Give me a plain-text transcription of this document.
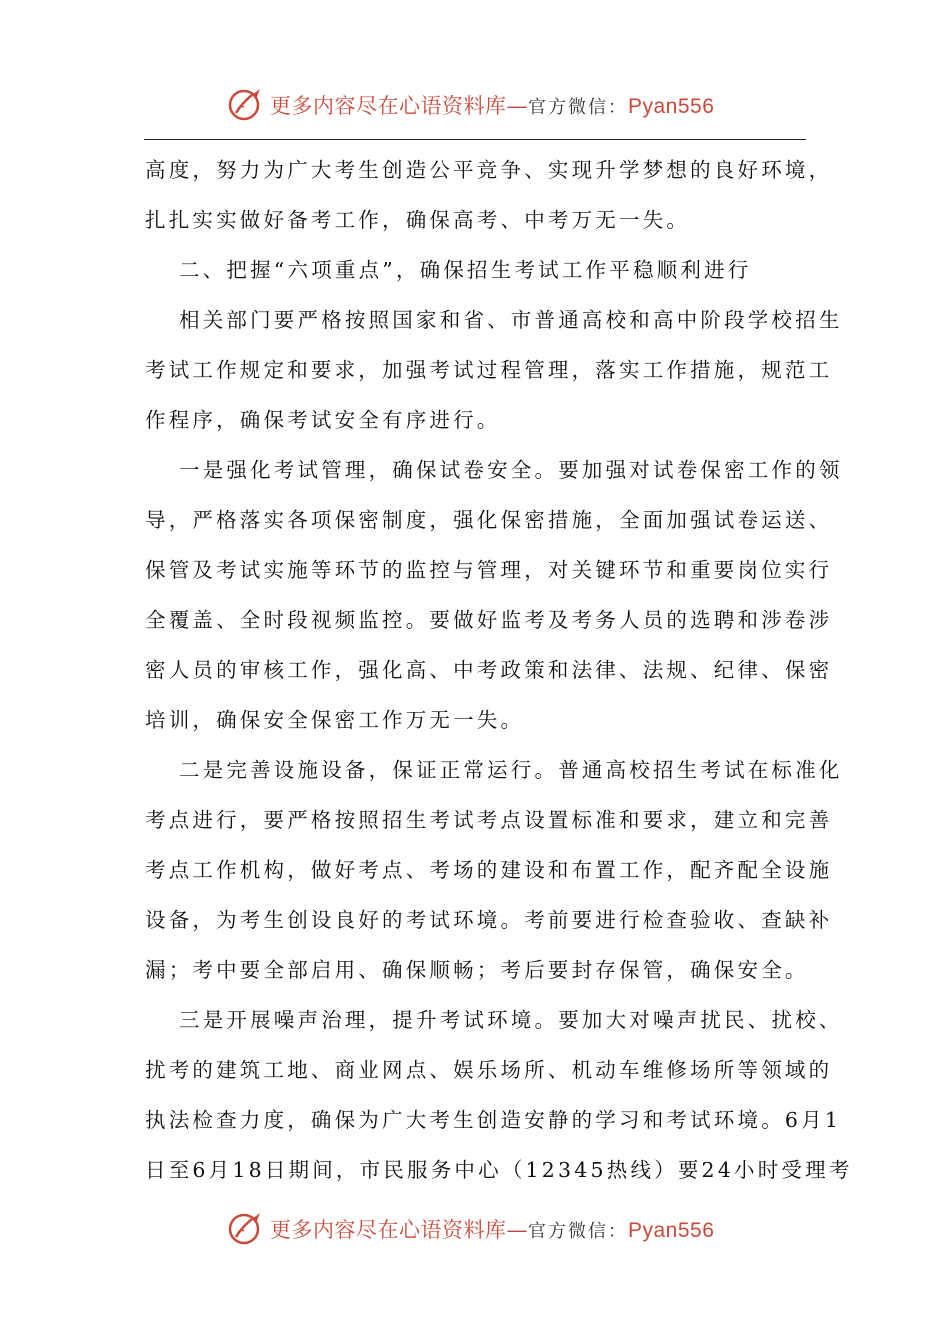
更多内容尽在心语资料库—官方微信：Pyan556
高度，努力为广大考生创造公平竞争、实现升学梦想的良好环境，
扎扎实实做好备考工作，确保高考、中考万无一失。
二、把握“六项重点”，确保招生考试工作平稳顺利进行
相关部门要严格按照国家和省、市普通高校和高中阶段学校招生
考试工作规定和要求，加强考试过程管理，落实工作措施，规范工
作程序，确保考试安全有序进行。
一是强化考试管理，确保试卷安全。要加强对试卷保密工作的领
导，严格落实各项保密制度，强化保密措施，全面加强试卷运送、
保管及考试实施等环节的监控与管理，对关键环节和重要岗位实行
全覆盖、全时段视频监控。要做好监考及考务人员的选聘和涉卷涉
密人员的审核工作，强化高、中考政策和法律、法规、纪律、保密
培训，确保安全保密工作万无一失。
二是完善设施设备，保证正常运行。普通高校招生考试在标准化
考点进行，要严格按照招生考试考点设置标准和要求，建立和完善
考点工作机构，做好考点、考场的建设和布置工作，配齐配全设施
设备，为考生创设良好的考试环境。考前要进行检查验收、查缺补
漏；考中要全部启用、确保顺畅；考后要封存保管，确保安全。
三是开展噪声治理，提升考试环境。要加大对噪声扰民、扰校、
扰考的建筑工地、商业网点、娱乐场所、机动车维修场所等领域的
执法检查力度，确保为广大考生创造安静的学习和考试环境。6月1
日至6月18日期间，市民服务中心（12345热线）要24小时受理考
更多内容尽在心语资料库—官方微信：Pyan556
